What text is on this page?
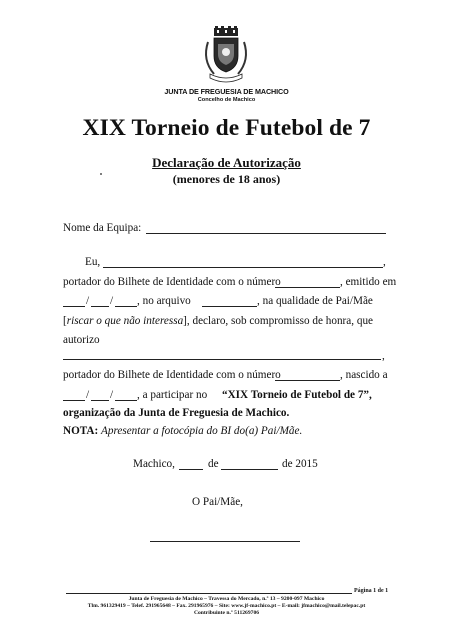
JUNTA DE FREGUESIA DE MACHICO
Concelho de Machico
XIX Torneio de Futebol de 7
Declaração de Autorização
(menores de 18 anos)
Nome da Equipa:
Eu,	,
portador do Bilhete de Identidade com o número	, emitido em
/ / , no arquivo	, na qualidade de Pai/Mãe
[riscar o que não interessa], declaro, sob compromisso de honra, que
autorizo
,
portador do Bilhete de Identidade com o número	, nascido a
/ / , a participar no “XIX Torneio de Futebol de 7”,
organização da Junta de Freguesia de Machico.
NOTA: Apresentar a fotocópia do BI do(a) Pai/Mãe.
Machico,	de	de 2015
O Pai/Mãe,
Página 1 de 1
Junta de Freguesia de Machico – Travessa do Mercado, n.º 13 – 9200-097 Machico
Tlm. 961329419 – Telef. 291965648 – Fax. 291965976 – Site: www.jf-machico.pt – E-mail: jfmachico@mail.telepac.pt
Contribuinte n.º 511269706
